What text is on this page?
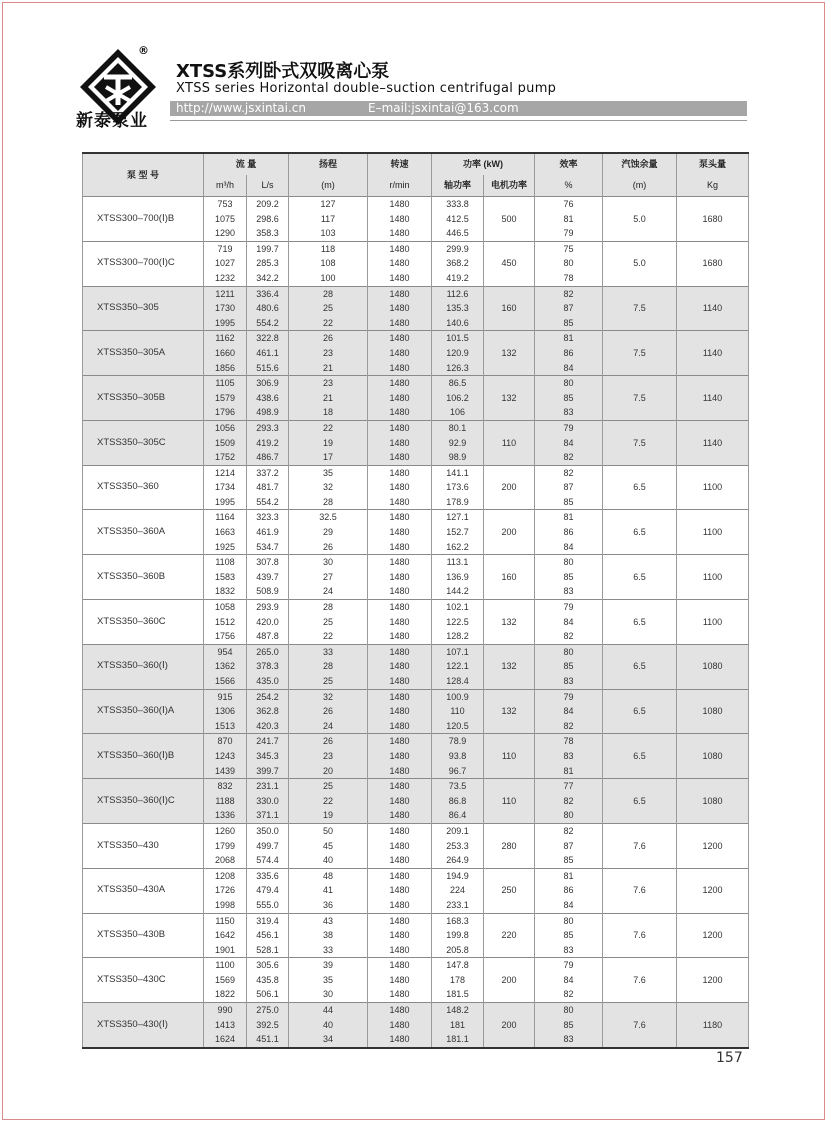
®
新泰泵业
XTSS系列卧式双吸离心泵
XTSS series Horizontal double–suction centrifugal pump
http://www.jsxintai.cn	E–mail:jsxintai@163.com
泵 型 号	流 量		扬程	转速	功率 (kW)		效率	汽蚀余量	泵头量
	m³/h	L/s	(m)	r/min	轴功率	电机功率	%	(m)	Kg
XTSS300–700(Ⅰ)B	753	209.2	127	1480	333.8	500	76	5.0	1680
	1075	298.6	117	1480	412.5		81		
	1290	358.3	103	1480	446.5		79		
XTSS300–700(Ⅰ)C	719	199.7	118	1480	299.9	450	75	5.0	1680
	1027	285.3	108	1480	368.2		80		
	1232	342.2	100	1480	419.2		78		
XTSS350–305	1211	336.4	28	1480	112.6	160	82	7.5	1140
	1730	480.6	25	1480	135.3		87		
	1995	554.2	22	1480	140.6		85		
XTSS350–305A	1162	322.8	26	1480	101.5	132	81	7.5	1140
	1660	461.1	23	1480	120.9		86		
	1856	515.6	21	1480	126.3		84		
XTSS350–305B	1105	306.9	23	1480	86.5	132	80	7.5	1140
	1579	438.6	21	1480	106.2		85		
	1796	498.9	18	1480	106		83		
XTSS350–305C	1056	293.3	22	1480	80.1	110	79	7.5	1140
	1509	419.2	19	1480	92.9		84		
	1752	486.7	17	1480	98.9		82		
XTSS350–360	1214	337.2	35	1480	141.1	200	82	6.5	1100
	1734	481.7	32	1480	173.6		87		
	1995	554.2	28	1480	178.9		85		
XTSS350–360A	1164	323.3	32.5	1480	127.1	200	81	6.5	1100
	1663	461.9	29	1480	152.7		86		
	1925	534.7	26	1480	162.2		84		
XTSS350–360B	1108	307.8	30	1480	113.1	160	80	6.5	1100
	1583	439.7	27	1480	136.9		85		
	1832	508.9	24	1480	144.2		83		
XTSS350–360C	1058	293.9	28	1480	102.1	132	79	6.5	1100
	1512	420.0	25	1480	122.5		84		
	1756	487.8	22	1480	128.2		82		
XTSS350–360(Ⅰ)	954	265.0	33	1480	107.1	132	80	6.5	1080
	1362	378.3	28	1480	122.1		85		
	1566	435.0	25	1480	128.4		83		
XTSS350–360(Ⅰ)A	915	254.2	32	1480	100.9	132	79	6.5	1080
	1306	362.8	26	1480	110		84		
	1513	420.3	24	1480	120.5		82		
XTSS350–360(Ⅰ)B	870	241.7	26	1480	78.9	110	78	6.5	1080
	1243	345.3	23	1480	93.8		83		
	1439	399.7	20	1480	96.7		81		
XTSS350–360(Ⅰ)C	832	231.1	25	1480	73.5	110	77	6.5	1080
	1188	330.0	22	1480	86.8		82		
	1336	371.1	19	1480	86.4		80		
XTSS350–430	1260	350.0	50	1480	209.1	280	82	7.6	1200
	1799	499.7	45	1480	253.3		87		
	2068	574.4	40	1480	264.9		85		
XTSS350–430A	1208	335.6	48	1480	194.9	250	81	7.6	1200
	1726	479.4	41	1480	224		86		
	1998	555.0	36	1480	233.1		84		
XTSS350–430B	1150	319.4	43	1480	168.3	220	80	7.6	1200
	1642	456.1	38	1480	199.8		85		
	1901	528.1	33	1480	205.8		83		
XTSS350–430C	1100	305.6	39	1480	147.8	200	79	7.6	1200
	1569	435.8	35	1480	178		84		
	1822	506.1	30	1480	181.5		82		
XTSS350–430(Ⅰ)	990	275.0	44	1480	148.2	200	80	7.6	1180
	1413	392.5	40	1480	181		85		
	1624	451.1	34	1480	181.1		83		
157
